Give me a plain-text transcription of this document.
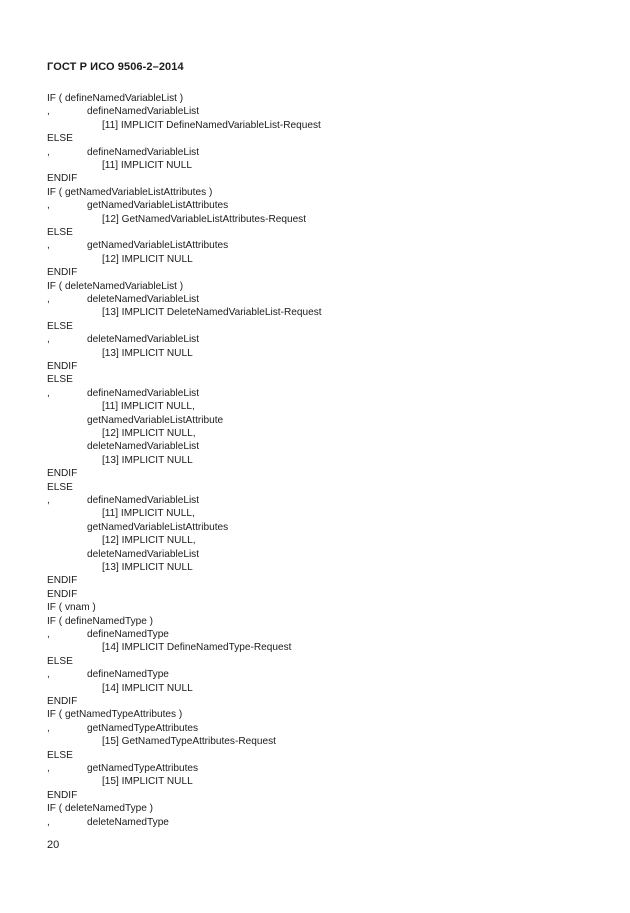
ГОСТ Р ИСО 9506-2–2014
20
IF ( defineNamedVariableList )
,	defineNamedVariableList
[11] IMPLICIT DefineNamedVariableList-Request
ELSE
,	defineNamedVariableList
[11] IMPLICIT NULL
ENDIF
IF ( getNamedVariableListAttributes )
,	getNamedVariableListAttributes
[12] GetNamedVariableListAttributes-Request
ELSE
,	getNamedVariableListAttributes
[12] IMPLICIT NULL
ENDIF
IF ( deleteNamedVariableList )
,	deleteNamedVariableList
[13] IMPLICIT DeleteNamedVariableList-Request
ELSE
,	deleteNamedVariableList
[13] IMPLICIT NULL
ENDIF
ELSE
,	defineNamedVariableList
[11] IMPLICIT NULL,
getNamedVariableListAttribute
[12] IMPLICIT NULL,
deleteNamedVariableList
[13] IMPLICIT NULL
ENDIF
ELSE
,	defineNamedVariableList
[11] IMPLICIT NULL,
getNamedVariableListAttributes
[12] IMPLICIT NULL,
deleteNamedVariableList
[13] IMPLICIT NULL
ENDIF
ENDIF
IF ( vnam )
IF ( defineNamedType )
,	defineNamedType
[14] IMPLICIT DefineNamedType-Request
ELSE
,	defineNamedType
[14] IMPLICIT NULL
ENDIF
IF ( getNamedTypeAttributes )
,	getNamedTypeAttributes
[15] GetNamedTypeAttributes-Request
ELSE
,	getNamedTypeAttributes
[15] IMPLICIT NULL
ENDIF
IF ( deleteNamedType )
,	deleteNamedType
